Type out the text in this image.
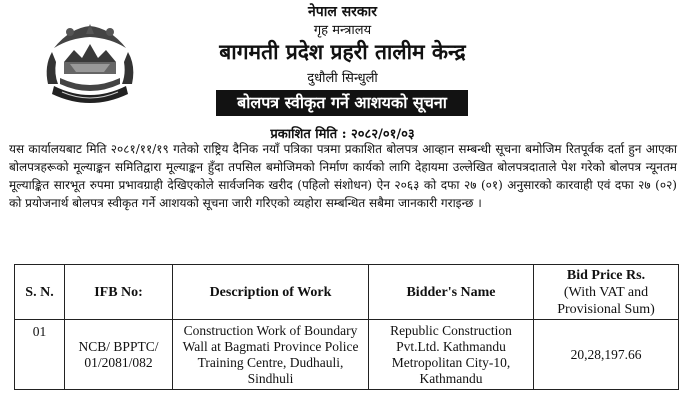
नेपाल सरकार
गृह मन्त्रालय
बागमती प्रदेश प्रहरी तालीम केन्द्र
दुधौली सिन्धुली
बोलपत्र स्वीकृत गर्ने आशयको सूचना
प्रकाशित मिति : २०८२/०१/०३
यस कार्यालयबाट मिति २०८१/११/१९ गतेको राष्ट्रिय दैनिक नयाँ पत्रिका पत्रमा प्रकाशित बोलपत्र आव्हान सम्बन्धी सूचना बमोजिम रितपूर्वक दर्ता हुन आएका बोलपत्रहरूको मूल्याङ्कन समितिद्वारा मूल्याङ्कन हुँदा तपसिल बमोजिमको निर्माण कार्यको लागि देहायमा उल्लेखित बोलपत्रदाताले पेश गरेको बोलपत्र न्यूनतम मूल्याङ्कित सारभूत रुपमा प्रभावग्राही देखिएकोले सार्वजनिक खरीद (पहिलो संशोधन) ऐन २०६३ को दफा २७ (०१) अनुसारको कारवाही एवं दफा २७ (०२) को प्रयोजनार्थ बोलपत्र स्वीकृत गर्ने आशयको सूचना जारी गरिएको व्यहोरा सम्बन्धित सबैमा जानकारी गराइन्छ ।
S. N.	IFB No:	Description of Work	Bidder's Name	Bid Price Rs.
(With VAT and Provisional Sum)

01	NCB/ BPPTC/ 01/2081/082	Construction Work of Boundary Wall at Bagmati Province Police Training Centre, Dudhauli, Sindhuli	Republic Construction Pvt.Ltd. Kathmandu Metropolitan City-10, Kathmandu	20,28,197.66
